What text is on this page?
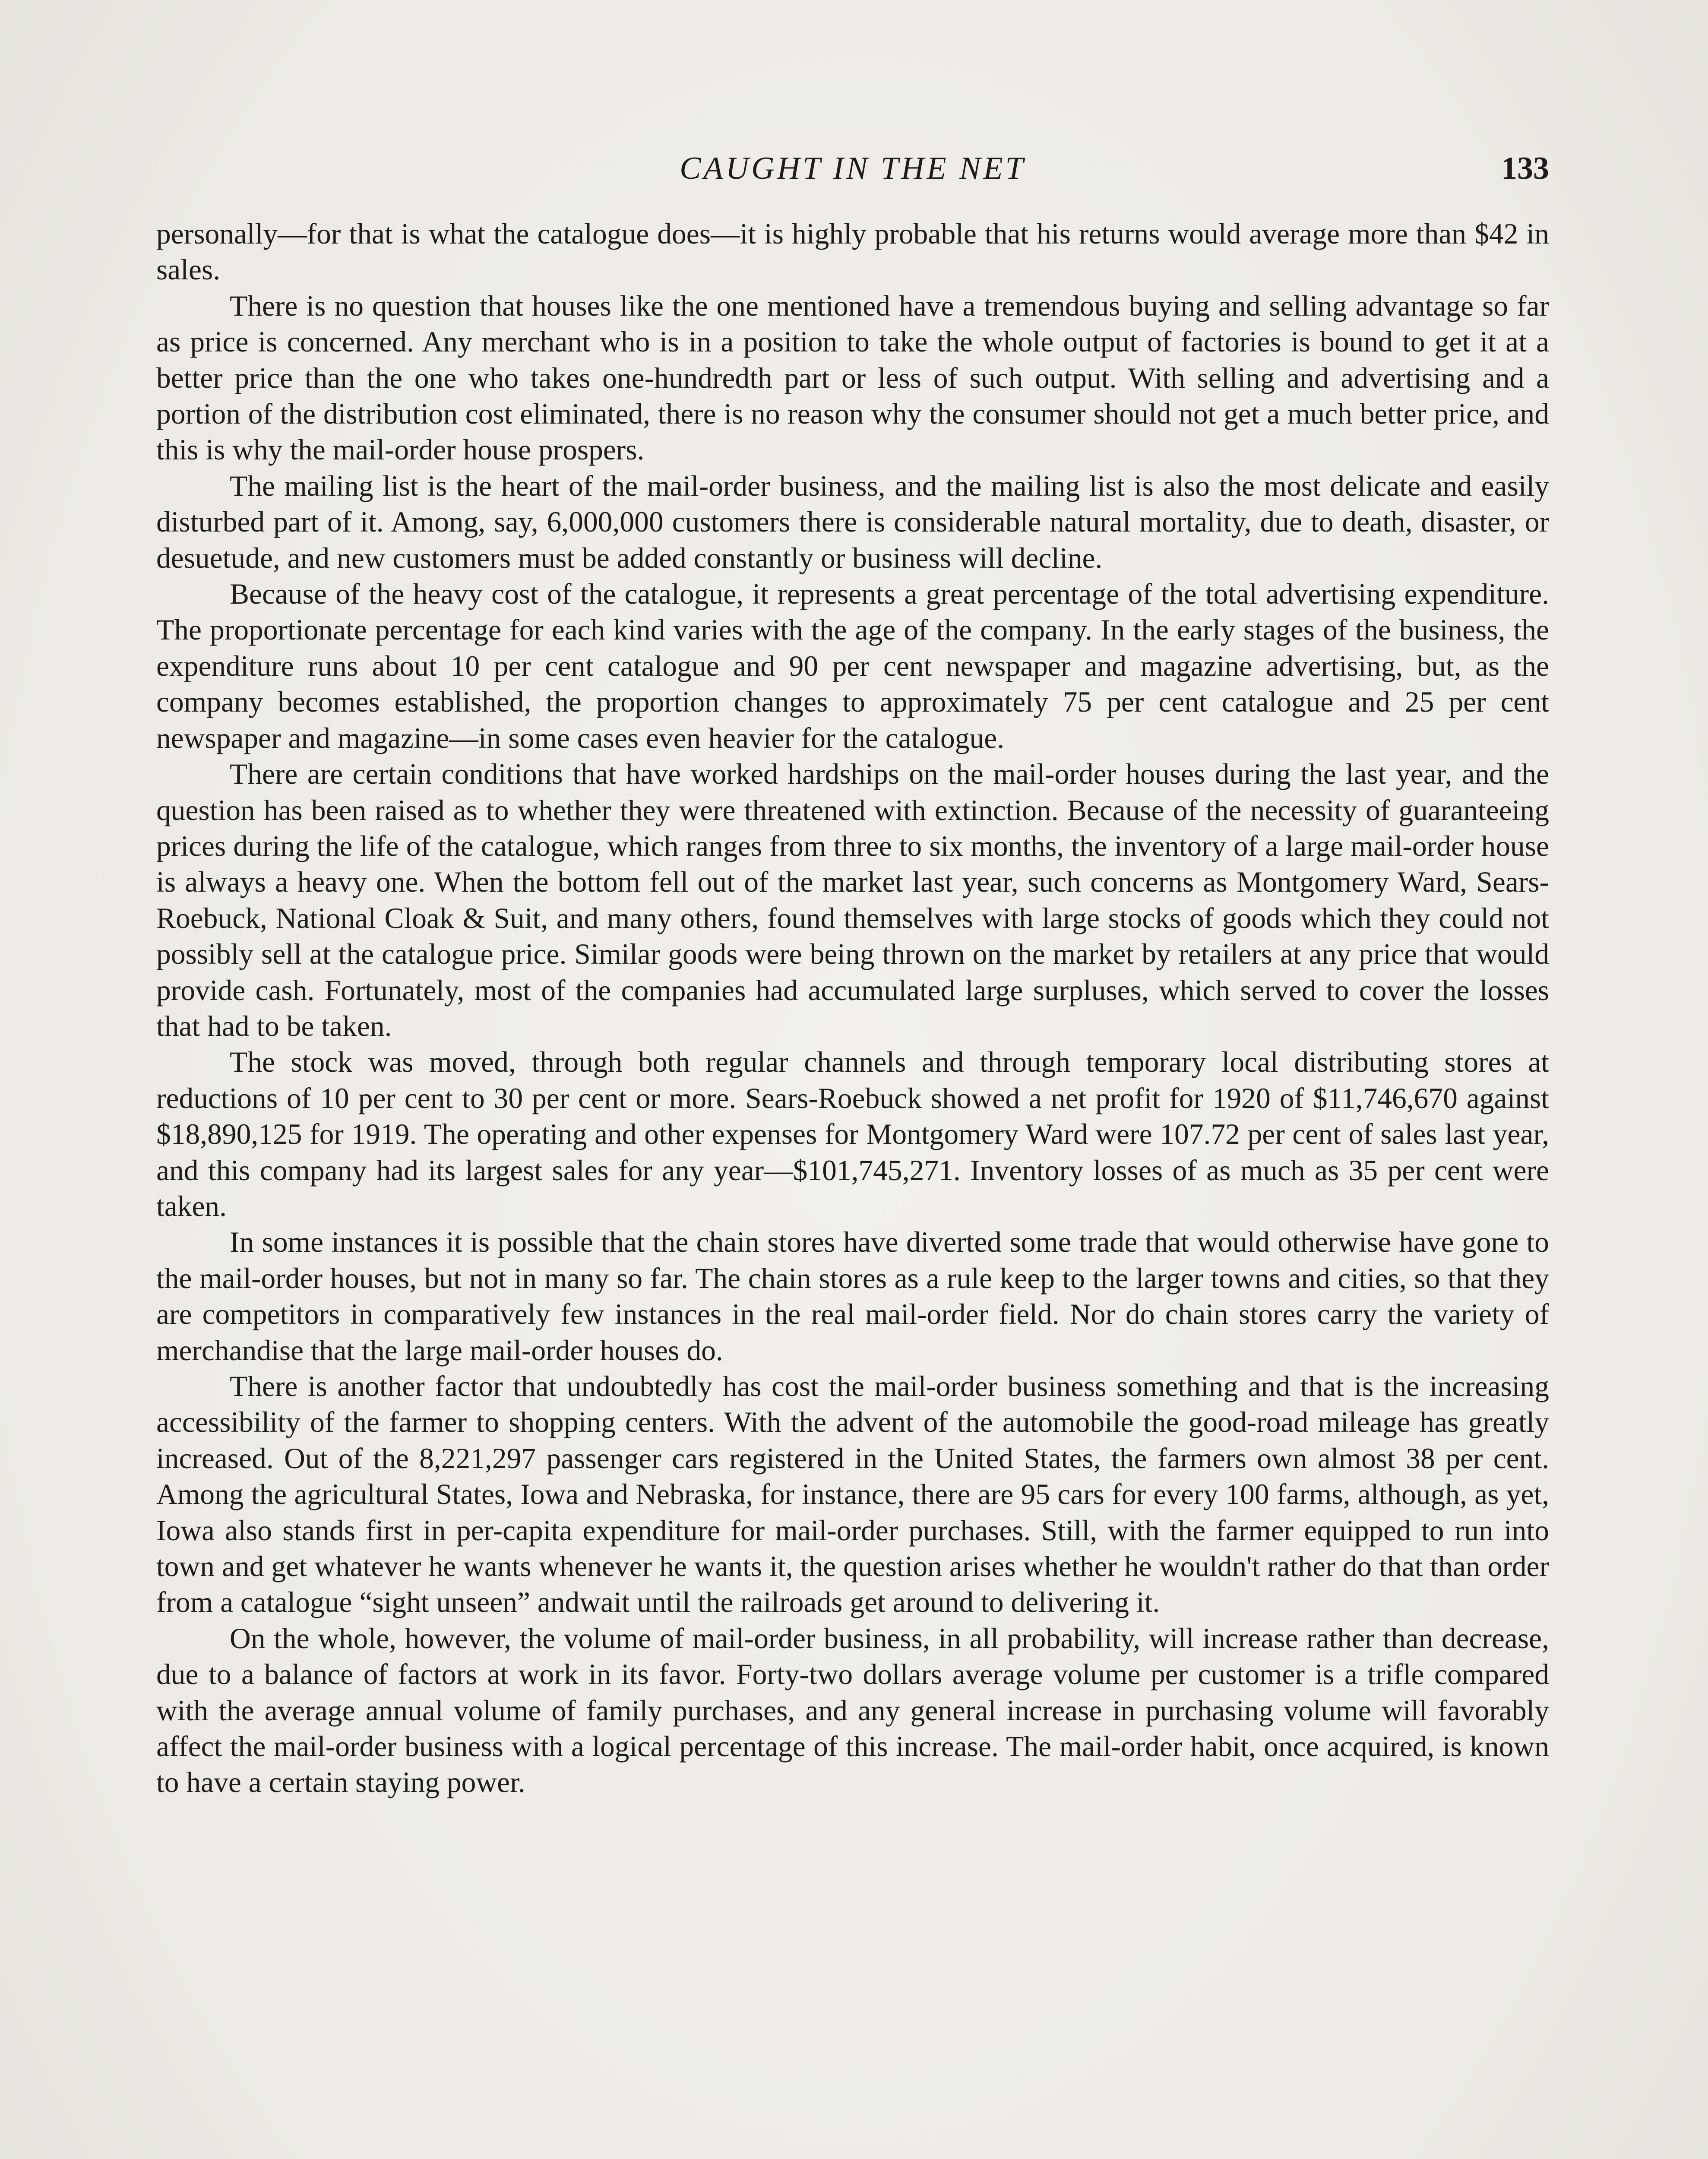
CAUGHT IN THE NET	133

personally—for that is what the catalogue does—it is highly probable that his returns would average more than $42 in sales.

There is no question that houses like the one mentioned have a tremendous buying and selling advantage so far as price is concerned. Any merchant who is in a position to take the whole output of factories is bound to get it at a better price than the one who takes one-hundredth part or less of such output. With selling and advertising and a portion of the distribution cost eliminated, there is no reason why the consumer should not get a much better price, and this is why the mail-order house prospers.

The mailing list is the heart of the mail-order business, and the mailing list is also the most delicate and easily disturbed part of it. Among, say, 6,000,000 customers there is considerable natural mortality, due to death, disaster, or desuetude, and new customers must be added constantly or business will decline.

Because of the heavy cost of the catalogue, it represents a great percentage of the total advertising expenditure. The proportionate percentage for each kind varies with the age of the company. In the early stages of the business, the expenditure runs about 10 per cent catalogue and 90 per cent newspaper and magazine advertising, but, as the company becomes established, the proportion changes to approximately 75 per cent catalogue and 25 per cent newspaper and magazine—in some cases even heavier for the catalogue.

There are certain conditions that have worked hardships on the mail-order houses during the last year, and the question has been raised as to whether they were threatened with extinction. Because of the necessity of guaranteeing prices during the life of the catalogue, which ranges from three to six months, the inventory of a large mail-order house is always a heavy one. When the bottom fell out of the market last year, such concerns as Montgomery Ward, Sears-Roebuck, National Cloak & Suit, and many others, found themselves with large stocks of goods which they could not possibly sell at the catalogue price. Similar goods were being thrown on the market by retailers at any price that would provide cash. Fortunately, most of the companies had accumulated large surpluses, which served to cover the losses that had to be taken.

The stock was moved, through both regular channels and through temporary local distributing stores at reductions of 10 per cent to 30 per cent or more. Sears-Roebuck showed a net profit for 1920 of $11,746,670 against $18,890,125 for 1919. The operating and other expenses for Montgomery Ward were 107.72 per cent of sales last year, and this company had its largest sales for any year—$101,745,271. Inventory losses of as much as 35 per cent were taken.

In some instances it is possible that the chain stores have diverted some trade that would otherwise have gone to the mail-order houses, but not in many so far. The chain stores as a rule keep to the larger towns and cities, so that they are competitors in comparatively few instances in the real mail-order field. Nor do chain stores carry the variety of merchandise that the large mail-order houses do.

There is another factor that undoubtedly has cost the mail-order business something and that is the increasing accessibility of the farmer to shopping centers. With the advent of the automobile the good-road mileage has greatly increased. Out of the 8,221,297 passenger cars registered in the United States, the farmers own almost 38 per cent. Among the agricultural States, Iowa and Nebraska, for instance, there are 95 cars for every 100 farms, although, as yet, Iowa also stands first in per-capita expenditure for mail-order purchases. Still, with the farmer equipped to run into town and get whatever he wants whenever he wants it, the question arises whether he wouldn't rather do that than order from a catalogue “sight unseen” andwait until the railroads get around to delivering it.

On the whole, however, the volume of mail-order business, in all probability, will increase rather than decrease, due to a balance of factors at work in its favor. Forty-two dollars average volume per customer is a trifle compared with the average annual volume of family purchases, and any general increase in purchasing volume will favorably affect the mail-order business with a logical percentage of this increase. The mail-order habit, once acquired, is known to have a certain staying power.
